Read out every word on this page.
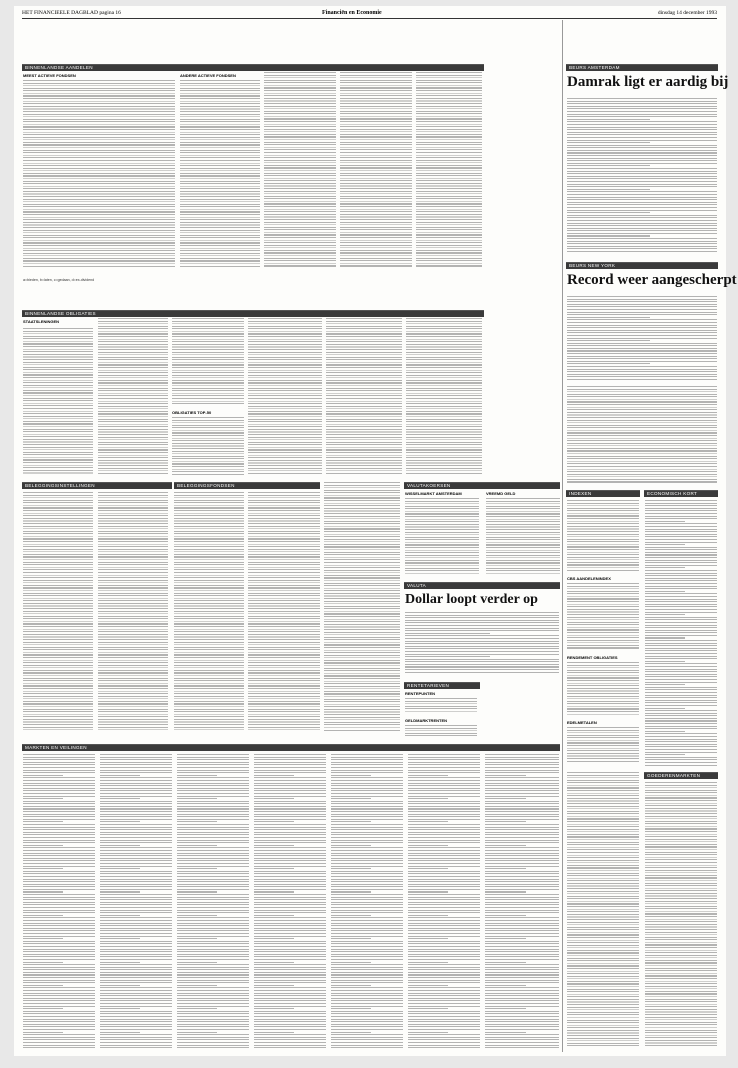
HET FINANCIEELE DAGBLAD pagina 16	Financiën en Economie	dinsdag 14 december 1993
BINNENLANDSE AANDELEN
MEEST ACTIEVE FONDSEN	ANDERE ACTIEVE FONDSEN
a=bieden, b=laten, c=gedaan, d=ex-dividend
BINNENLANDSE OBLIGATIES
STAATSLENINGEN
OBLIGATIES TOP-50
BELEGGINGSINSTELLINGEN	BELEGGINGSFONDSEN	VALUTAKOERSEN
WISSELMARKT AMSTERDAM	VREEMD GELD
VALUTA
Dollar loopt verder op
RENTETARIEVEN
RENTEPUNTEN
GELDMARKTRENTEN
MARKTEN EN VEILINGEN
BEURS AMSTERDAM
Damrak ligt er aardig bij
BEURS NEW YORK
Record weer aangescherpt
INDEXEN
CBS AANDELENINDEX
RENDEMENT OBLIGATIES
EDELMETALEN
ECONOMISCH KORT
GOEDERENMARKTEN
